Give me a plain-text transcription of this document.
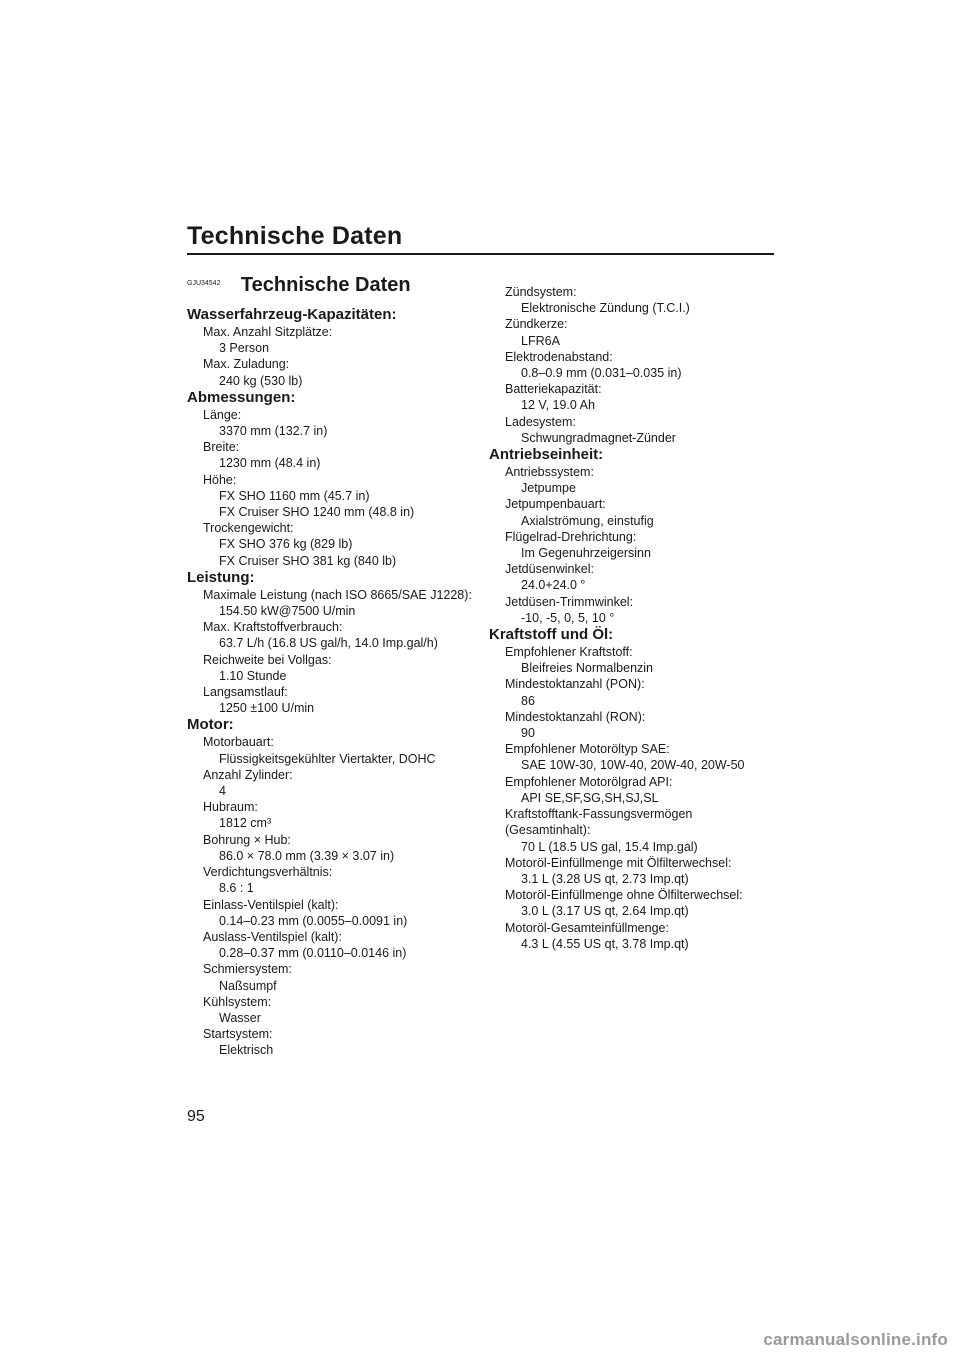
Technische Daten
GJU34542 Technische Daten
Wasserfahrzeug-Kapazitäten:
Max. Anzahl Sitzplätze:
3 Person
Max. Zuladung:
240 kg (530 lb)
Abmessungen:
Länge:
3370 mm (132.7 in)
Breite:
1230 mm (48.4 in)
Höhe:
FX SHO 1160 mm (45.7 in)
FX Cruiser SHO 1240 mm (48.8 in)
Trockengewicht:
FX SHO 376 kg (829 lb)
FX Cruiser SHO 381 kg (840 lb)
Leistung:
Maximale Leistung (nach ISO 8665/SAE J1228):
154.50 kW@7500 U/min
Max. Kraftstoffverbrauch:
63.7 L/h (16.8 US gal/h, 14.0 Imp.gal/h)
Reichweite bei Vollgas:
1.10 Stunde
Langsamstlauf:
1250 ±100 U/min
Motor:
Motorbauart:
Flüssigkeitsgekühlter Viertakter, DOHC
Anzahl Zylinder:
4
Hubraum:
1812 cm³
Bohrung × Hub:
86.0 × 78.0 mm (3.39 × 3.07 in)
Verdichtungsverhältnis:
8.6 : 1
Einlass-Ventilspiel (kalt):
0.14–0.23 mm (0.0055–0.0091 in)
Auslass-Ventilspiel (kalt):
0.28–0.37 mm (0.0110–0.0146 in)
Schmiersystem:
Naßsumpf
Kühlsystem:
Wasser
Startsystem:
Elektrisch
Zündsystem:
Elektronische Zündung (T.C.I.)
Zündkerze:
LFR6A
Elektrodenabstand:
0.8–0.9 mm (0.031–0.035 in)
Batteriekapazität:
12 V, 19.0 Ah
Ladesystem:
Schwungradmagnet-Zünder
Antriebseinheit:
Antriebssystem:
Jetpumpe
Jetpumpenbauart:
Axialströmung, einstufig
Flügelrad-Drehrichtung:
Im Gegenuhrzeigersinn
Jetdüsenwinkel:
24.0+24.0 °
Jetdüsen-Trimmwinkel:
-10, -5, 0, 5, 10 °
Kraftstoff und Öl:
Empfohlener Kraftstoff:
Bleifreies Normalbenzin
Mindestoktanzahl (PON):
86
Mindestoktanzahl (RON):
90
Empfohlener Motoröltyp SAE:
SAE 10W-30, 10W-40, 20W-40, 20W-50
Empfohlener Motorölgrad API:
API SE,SF,SG,SH,SJ,SL
Kraftstofftank-Fassungsvermögen
(Gesamtinhalt):
70 L (18.5 US gal, 15.4 Imp.gal)
Motoröl-Einfüllmenge mit Ölfilterwechsel:
3.1 L (3.28 US qt, 2.73 Imp.qt)
Motoröl-Einfüllmenge ohne Ölfilterwechsel:
3.0 L (3.17 US qt, 2.64 Imp.qt)
Motoröl-Gesamteinfüllmenge:
4.3 L (4.55 US qt, 3.78 Imp.qt)
95
carmanualsonline.info
